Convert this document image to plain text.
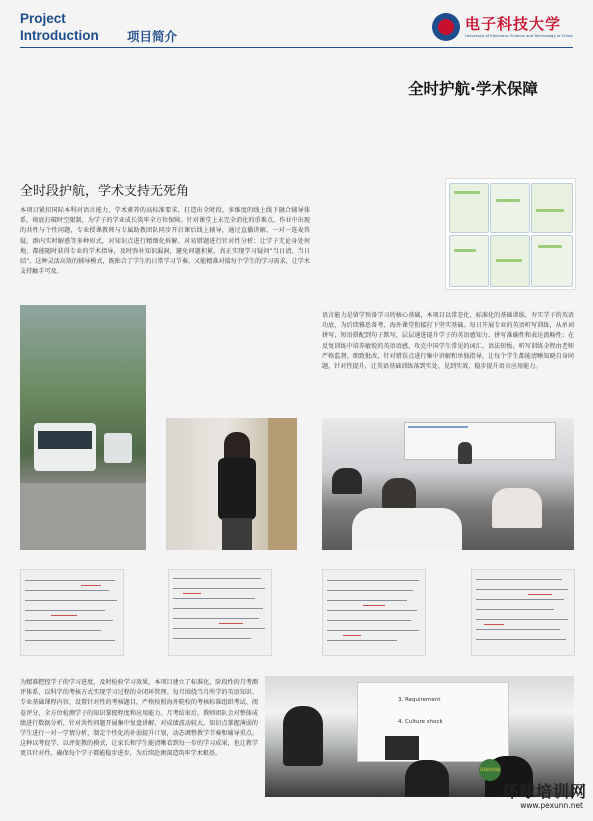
Project
Introduction 项目简介
电子科技大学
University of Electronic Science and Technology of China
全时护航·学术保障
全时段护航，学术支持无死角
本项目紧扣国际本科对语言能力、学术素养的高标准要求，打造出全时段、多维度的线上线下融合辅导体系，彻底打破时空限制，为学子的学业成长筑牢全方位保障。针对课堂上未完全消化的重难点、作业中出现的共性与个性问题，专业授课教师与专属助教团队同步开启课后线上辅导，通过直播讲解、一对一连麦答疑、群内实时解惑等多种形式，对知识点进行精细化拆解、对易错题进行针对性分析；让学子无论身处何地，都能随时获得专业的学术指导，及时弥补知识漏洞，避免问题积累，真正实现学习疑问“当日清、当日结”。这种灵活高效的辅导模式，既贴合了学生的日常学习节奏，又能精准对接每个学生的学习需求，让学术支持触手可及。
语言能力是留学预备学习的核心基础，本项目以常态化、标准化的基础训练，夯实学子的英语功底，为后续雅思备考、海外课堂衔接打下坚实基础。每日开展专业的英语听写训练，从单词拼写、短语搭配到句子默写，层层递进提升学子的英语感知力、拼写准确性和表达流畅性；在反复训练中培养敏锐的英语语感，攻克中国学生常见的词汇、语法短板。听写训练全程由老师严格监督、细致批改，针对错误点进行集中讲解和单独指导，让每个学生都能清晰知晓自身问题，针对性提升，让英语基础训练落到实处、见到实效，稳步提升语言应用能力。
为精准把控学子的学习进度，及时检验学习效果，本项目建立了标准化、阶段性的月考测评体系，以科学的考核方式实现学习过程的全闭环管理。每月围绕当月所学的英语知识、专业基础课程内容，设置针对性的考核题目，严格按照海外院校的考核标准组织考试、阅卷评分，全方位检测学子的知识掌握程度和应用能力。月考结束后，教师团队会对整体成绩进行数据分析，针对共性问题开展集中复盘讲解，对成绩波动较大、知识点掌握薄弱的学生进行一对一学情分析，制定个性化的补弱提升计划，动态调整教学节奏和辅导重点。这种以考促学、以评促教的模式，让家长和学生能清晰看到每一步的学习成果，也让教学更具针对性，确保每个学子都能稳步进步，为后续赴澳深造筑牢学术根基。
3. Requirement
4. Culture shock
环球培训网
环球培训网
www.pexunn.net
